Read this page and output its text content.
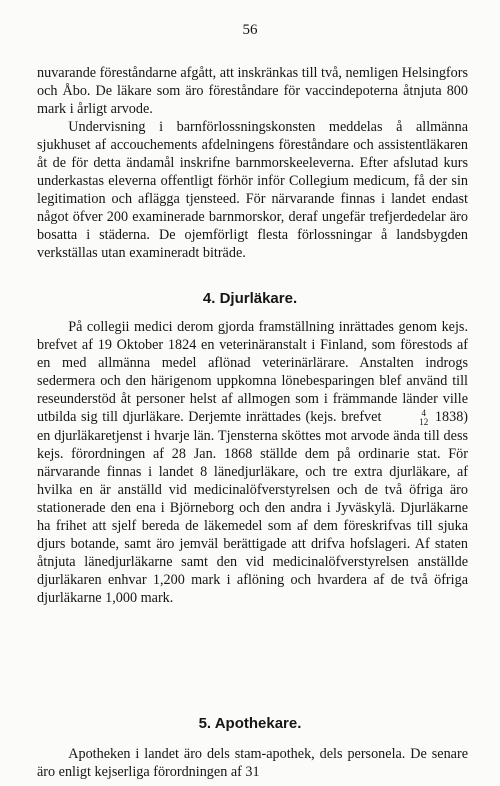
56

nuvarande föreståndarne afgått, att inskränkas till två, nemligen Helsingfors och Åbo. De läkare som äro föreståndare för vaccindepoterna åtnjuta 800 mark i årligt arvode.

Undervisning i barnförlossningskonsten meddelas å allmänna sjukhuset af accouchements afdelningens föreståndare och assistentläkaren åt de för detta ändamål inskrifne barnmorskeeleverna. Efter afslutad kurs underkastas eleverna offentligt förhör inför Collegium medicum, få der sin legitimation och aflägga tjensteed. För närvarande finnas i landet endast något öfver 200 examinerade barnmorskor, deraf ungefär trefjerdedelar äro bosatta i städerna. De ojemförligt flesta förlossningar å landsbygden verkställas utan examineradt biträde.

4. Djurläkare.

På collegii medici derom gjorda framställning inrättades genom kejs. brefvet af 19 Oktober 1824 en veterinäranstalt i Finland, som förestods af en med allmänna medel aflönad veterinärlärare. Anstalten indrogs sedermera och den härigenom uppkomna lönebesparingen blef använd till reseunderstöd åt personer helst af allmogen som i främmande länder ville utbilda sig till djurläkare. Derjemte inrättades (kejs. brefvet	4
12 1838) en djurläkaretjenst i hvarje län. Tjensterna sköttes mot arvode ända till dess kejs. förordningen af 28 Jan. 1868 ställde dem på ordinarie stat. För närvarande finnas i landet 8 länedjurläkare, och tre extra djurläkare, af hvilka en är anställd vid medicinalöfverstyrelsen och de två öfriga äro stationerade den ena i Björneborg och den andra i Jyväskylä. Djurläkarne ha frihet att sjelf bereda de läkemedel som af dem föreskrifvas till sjuka djurs botande, samt äro jemväl berättigade att drifva hofslageri. Af staten åtnjuta länedjurläkarne samt den vid medicinalöfverstyrelsen anställde djurläkaren enhvar 1,200 mark i aflöning och hvardera af de två öfriga djurläkarne 1,000 mark.

5. Apothekare.

Apotheken i landet äro dels stam-apothek, dels personela. De senare äro enligt kejserliga förordningen af 31
